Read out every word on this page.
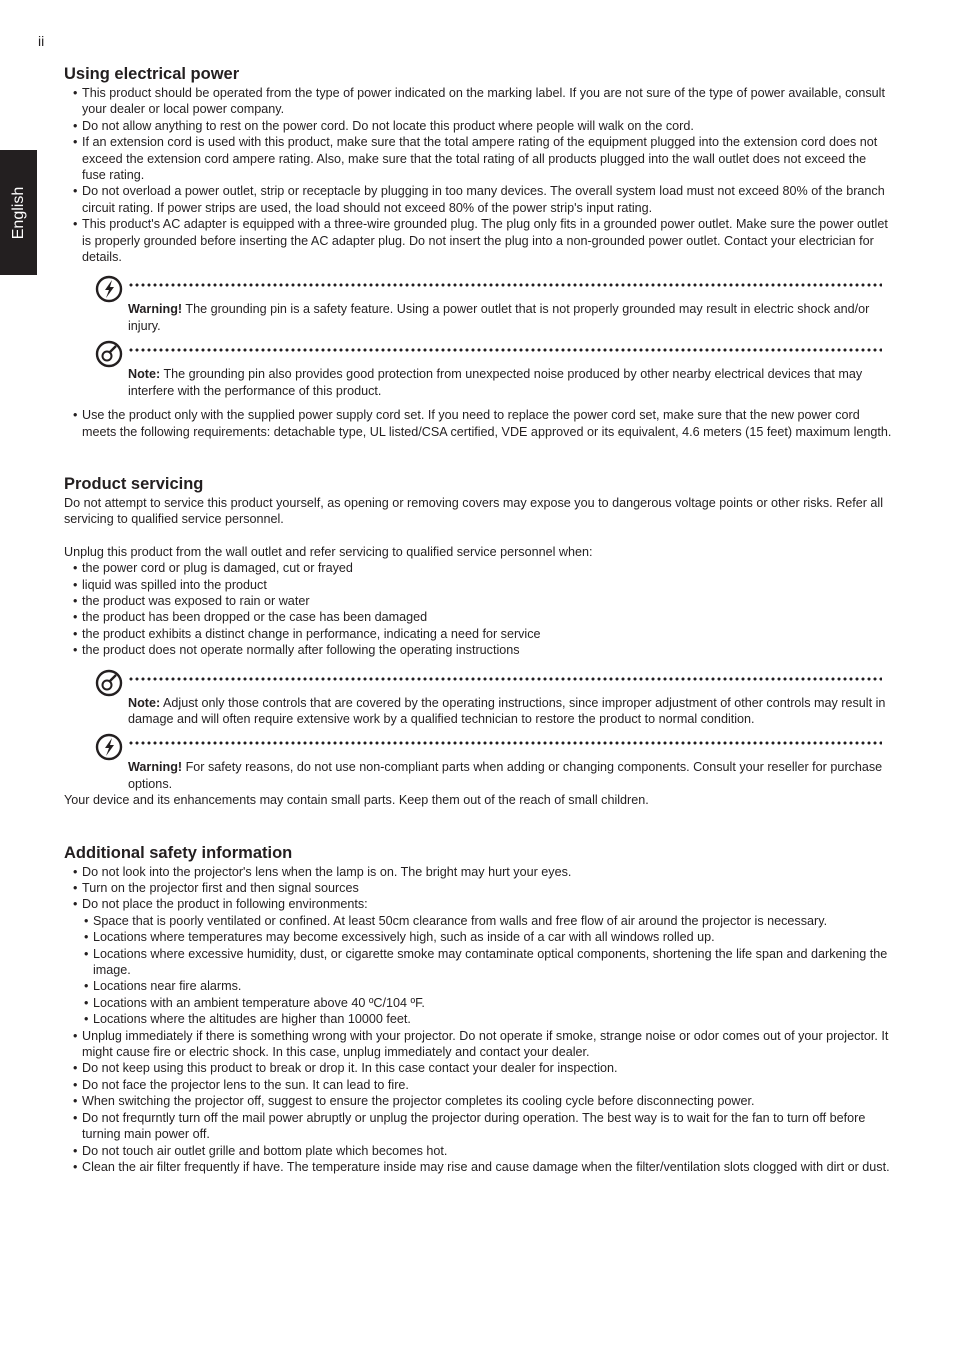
ii
English
Using electrical power
• This product should be operated from the type of power indicated on the marking label. If you are not sure of the type of power available, consult your dealer or local power company.
• Do not allow anything to rest on the power cord. Do not locate this product where people will walk on the cord.
• If an extension cord is used with this product, make sure that the total ampere rating of the equipment plugged into the extension cord does not exceed the extension cord ampere rating. Also, make sure that the total rating of all products plugged into the wall outlet does not exceed the fuse rating.
• Do not overload a power outlet, strip or receptacle by plugging in too many devices. The overall system load must not exceed 80% of the branch circuit rating. If power strips are used, the load should not exceed 80% of the power strip's input rating.
• This product's AC adapter is equipped with a three-wire grounded plug. The plug only fits in a grounded power outlet. Make sure the power outlet is properly grounded before inserting the AC adapter plug. Do not insert the plug into a non-grounded power outlet. Contact your electrician for details.
Warning! The grounding pin is a safety feature. Using a power outlet that is not properly grounded may result in electric shock and/or injury.
Note: The grounding pin also provides good protection from unexpected noise produced by other nearby electrical devices that may interfere with the performance of this product.
• Use the product only with the supplied power supply cord set. If you need to replace the power cord set, make sure that the new power cord meets the following requirements: detachable type, UL listed/CSA certified, VDE approved or its equivalent, 4.6 meters (15 feet) maximum length.
Product servicing

Do not attempt to service this product yourself, as opening or removing covers may expose you to dangerous voltage points or other risks. Refer all servicing to qualified service personnel.

Unplug this product from the wall outlet and refer servicing to qualified service personnel when:

• the power cord or plug is damaged, cut or frayed
• liquid was spilled into the product
• the product was exposed to rain or water
• the product has been dropped or the case has been damaged
• the product exhibits a distinct change in performance, indicating a need for service
• the product does not operate normally after following the operating instructions
Note: Adjust only those controls that are covered by the operating instructions, since improper adjustment of other controls may result in damage and will often require extensive work by a qualified technician to restore the product to normal condition.
Warning! For safety reasons, do not use non-compliant parts when adding or changing components. Consult your reseller for purchase options.

Your device and its enhancements may contain small parts. Keep them out of the reach of small children.

Additional safety information
• Do not look into the projector's lens when the lamp is on. The bright may hurt your eyes.
• Turn on the projector first and then signal sources
• Do not place the product in following environments:
• Space that is poorly ventilated or confined. At least 50cm clearance from walls and free flow of air around the projector is necessary.
• Locations where temperatures may become excessively high, such as inside of a car with all windows rolled up.
• Locations where excessive humidity, dust, or cigarette smoke may contaminate optical components, shortening the life span and darkening the image.
• Locations near fire alarms.
• Locations with an ambient temperature above 40 ºC/104 ºF.
• Locations where the altitudes are higher than 10000 feet.
• Unplug immediately if there is something wrong with your projector. Do not operate if smoke, strange noise or odor comes out of your projector. It might cause fire or electric shock. In this case, unplug immediately and contact your dealer.
• Do not keep using this product to break or drop it. In this case contact your dealer for inspection.
• Do not face the projector lens to the sun. It can lead to fire.
• When switching the projector off, suggest to ensure the projector completes its cooling cycle before disconnecting power.
• Do not frequrntly turn off the mail power abruptly or unplug the projector during operation. The best way is to wait for the fan to turn off before turning main power off.
• Do not touch air outlet grille and bottom plate which becomes hot.
• Clean the air filter frequently if have. The temperature inside may rise and cause damage when the filter/ventilation slots clogged with dirt or dust.
